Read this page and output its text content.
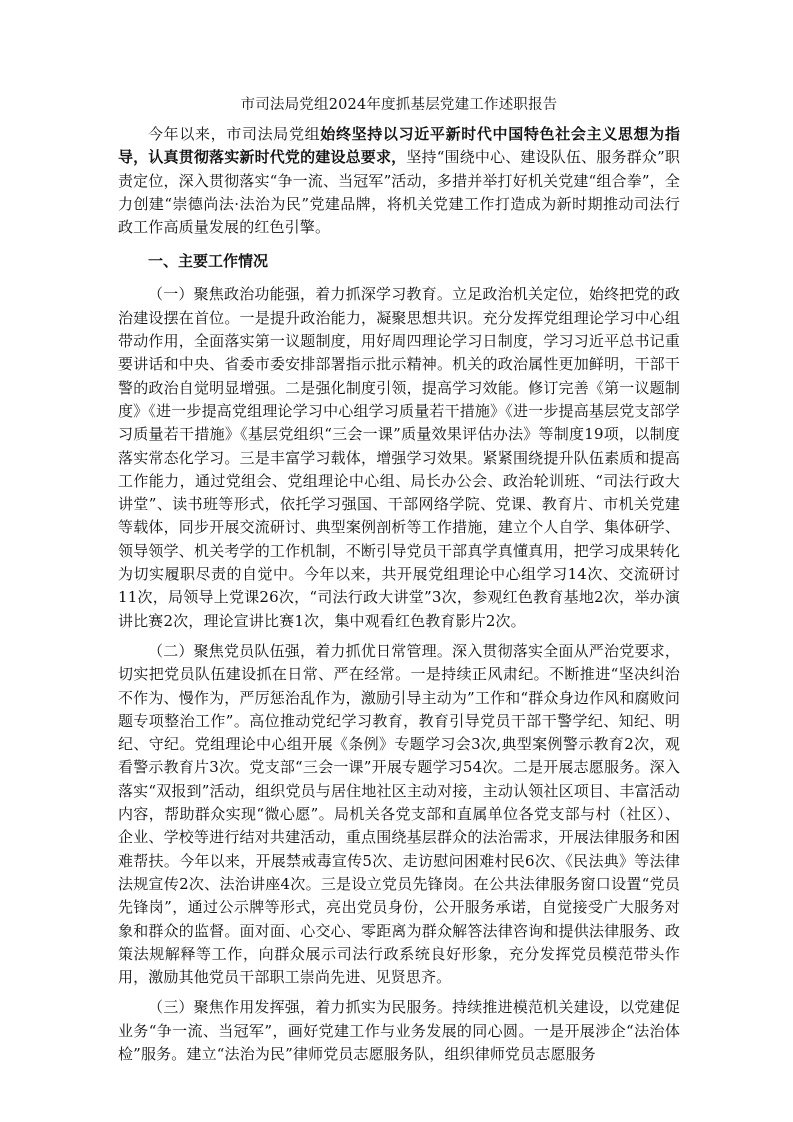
市司法局党组2024年度抓基层党建工作述职报告

今年以来，市司法局党组始终坚持以习近平新时代中国特色社会主义思想为指导，认真贯彻落实新时代党的建设总要求，坚持“围绕中心、建设队伍、服务群众”职责定位，深入贯彻落实“争一流、当冠军”活动，多措并举打好机关党建“组合拳”，全力创建“崇德尚法·法治为民”党建品牌，将机关党建工作打造成为新时期推动司法行政工作高质量发展的红色引擎。

一、主要工作情况

（一）聚焦政治功能强，着力抓深学习教育。立足政治机关定位，始终把党的政治建设摆在首位。一是提升政治能力，凝聚思想共识。充分发挥党组理论学习中心组带动作用，全面落实第一议题制度，用好周四理论学习日制度，学习习近平总书记重要讲话和中央、省委市委安排部署指示批示精神。机关的政治属性更加鲜明，干部干警的政治自觉明显增强。二是强化制度引领，提高学习效能。修订完善《第一议题制度》《进一步提高党组理论学习中心组学习质量若干措施》《进一步提高基层党支部学习质量若干措施》《基层党组织“三会一课”质量效果评估办法》等制度19项，以制度落实常态化学习。三是丰富学习载体，增强学习效果。紧紧围绕提升队伍素质和提高工作能力，通过党组会、党组理论中心组、局长办公会、政治轮训班、“司法行政大讲堂”、读书班等形式，依托学习强国、干部网络学院、党课、教育片、市机关党建等载体，同步开展交流研讨、典型案例剖析等工作措施，建立个人自学、集体研学、领导领学、机关考学的工作机制，不断引导党员干部真学真懂真用，把学习成果转化为切实履职尽责的自觉中。今年以来，共开展党组理论中心组学习14次、交流研讨11次，局领导上党课26次，“司法行政大讲堂”3次，参观红色教育基地2次，举办演讲比赛2次，理论宣讲比赛1次，集中观看红色教育影片2次。

（二）聚焦党员队伍强，着力抓优日常管理。深入贯彻落实全面从严治党要求，切实把党员队伍建设抓在日常、严在经常。一是持续正风肃纪。不断推进“坚决纠治不作为、慢作为，严厉惩治乱作为，激励引导主动为”工作和“群众身边作风和腐败问题专项整治工作”。高位推动党纪学习教育，教育引导党员干部干警学纪、知纪、明纪、守纪。党组理论中心组开展《条例》专题学习会3次,典型案例警示教育2次，观看警示教育片3次。党支部“三会一课”开展专题学习54次。二是开展志愿服务。深入落实“双报到”活动，组织党员与居住地社区主动对接，主动认领社区项目、丰富活动内容，帮助群众实现“微心愿”。局机关各党支部和直属单位各党支部与村（社区）、企业、学校等进行结对共建活动，重点围绕基层群众的法治需求，开展法律服务和困难帮扶。今年以来，开展禁戒毒宣传5次、走访慰问困难村民6次、《民法典》等法律法规宣传2次、法治讲座4次。三是设立党员先锋岗。在公共法律服务窗口设置“党员先锋岗”，通过公示牌等形式，亮出党员身份，公开服务承诺，自觉接受广大服务对象和群众的监督。面对面、心交心、零距离为群众解答法律咨询和提供法律服务、政策法规解释等工作，向群众展示司法行政系统良好形象，充分发挥党员模范带头作用，激励其他党员干部职工崇尚先进、见贤思齐。

（三）聚焦作用发挥强，着力抓实为民服务。持续推进模范机关建设，以党建促业务“争一流、当冠军”，画好党建工作与业务发展的同心圆。一是开展涉企“法治体检”服务。建立“法治为民”律师党员志愿服务队，组织律师党员志愿服务
